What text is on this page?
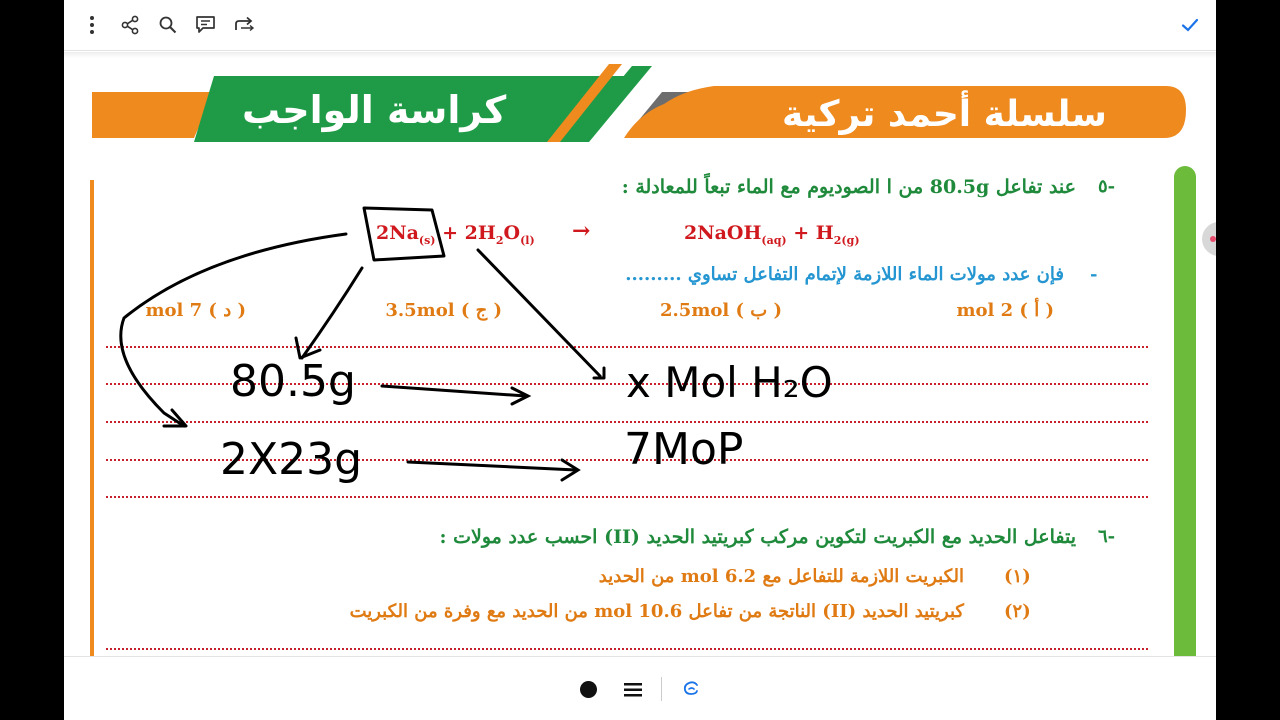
كراسة الواجب	سلسلة أحمد تركية
-٥
عند تفاعل 80.5g من ا الصوديوم مع الماء تبعاً للمعادلة :
$2Na_{(s)} + 2H_2O_{(l)}$ →	2NaOH$_{(aq)}$ + $H_{2(g)}$
-
فإن عدد مولات الماء اللازمة لإتمام التفاعل تساوي .........
( أ ) 2 mol
( ب ) 2.5mol
( ج ) 3.5mol
( د ) 7 mol
80.5g	x Mol H₂O
2X23g	7MoP
-٦
يتفاعل الحديد مع الكبريت لتكوين مركب كبريتيد الحديد (II) احسب عدد مولات :
(١)
الكبريت اللازمة للتفاعل مع 6.2 mol من الحديد
(٢)
كبريتيد الحديد (II) الناتجة من تفاعل 10.6 mol من الحديد مع وفرة من الكبريت
